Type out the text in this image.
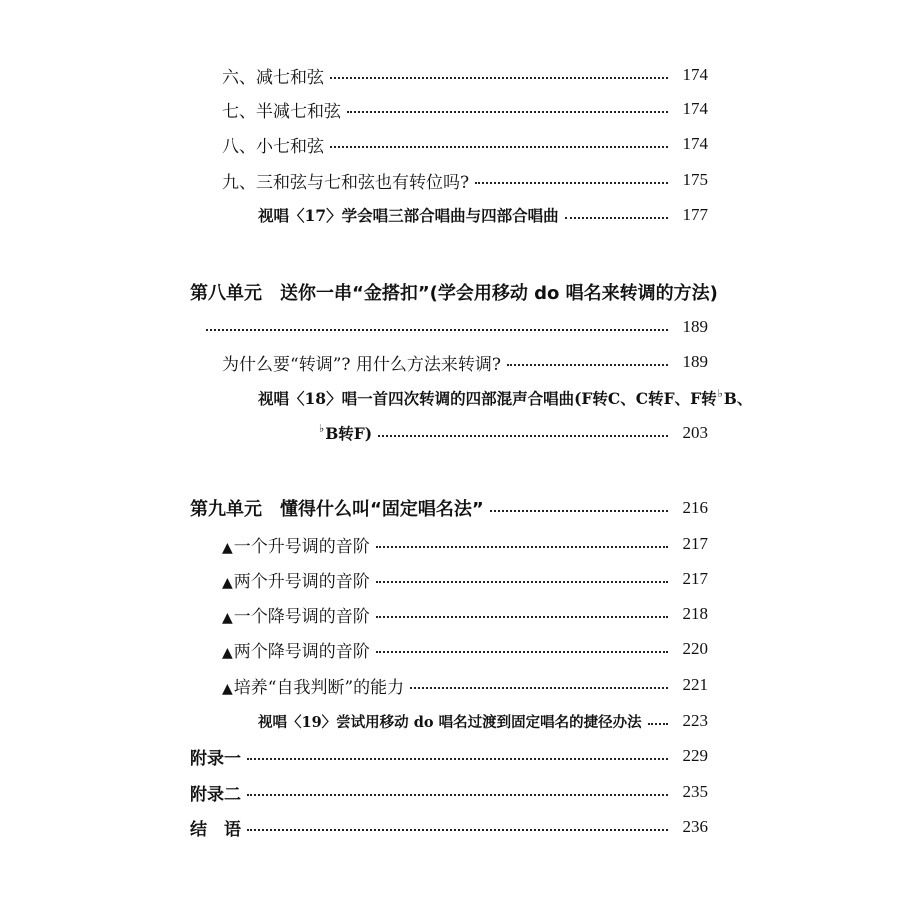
六、减七和弦	174
七、半减七和弦	174
八、小七和弦	174
九、三和弦与七和弦也有转位吗?	175
视唱〈17〉学会唱三部合唱曲与四部合唱曲	177
第八单元　送你一串“金搭扣”(学会用移动 do 唱名来转调的方法)
189
为什么要“转调”? 用什么方法来转调?	189
视唱〈18〉唱一首四次转调的四部混声合唱曲(F转C、C转F、F转♭B、
♭B转F)	203
第九单元　懂得什么叫“固定唱名法”	216
▲一个升号调的音阶	217
▲两个升号调的音阶	217
▲一个降号调的音阶	218
▲两个降号调的音阶	220
▲培养“自我判断”的能力	221
视唱〈19〉尝试用移动 do 唱名过渡到固定唱名的捷径办法	223
附录一	229
附录二	235
结　语	236
